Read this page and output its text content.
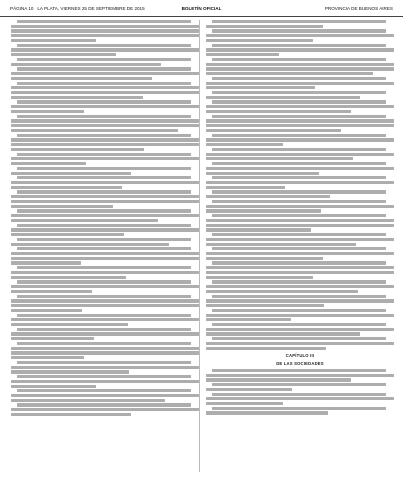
PÁGINA 10 LA PLATA, VIERNES 25 DE SEPTIEMBRE DE 2015	BOLETÍN OFICIAL	PROVINCIA DE BUENOS AIRES
CAPÍTULO III
DE LAS SOCIEDADES
